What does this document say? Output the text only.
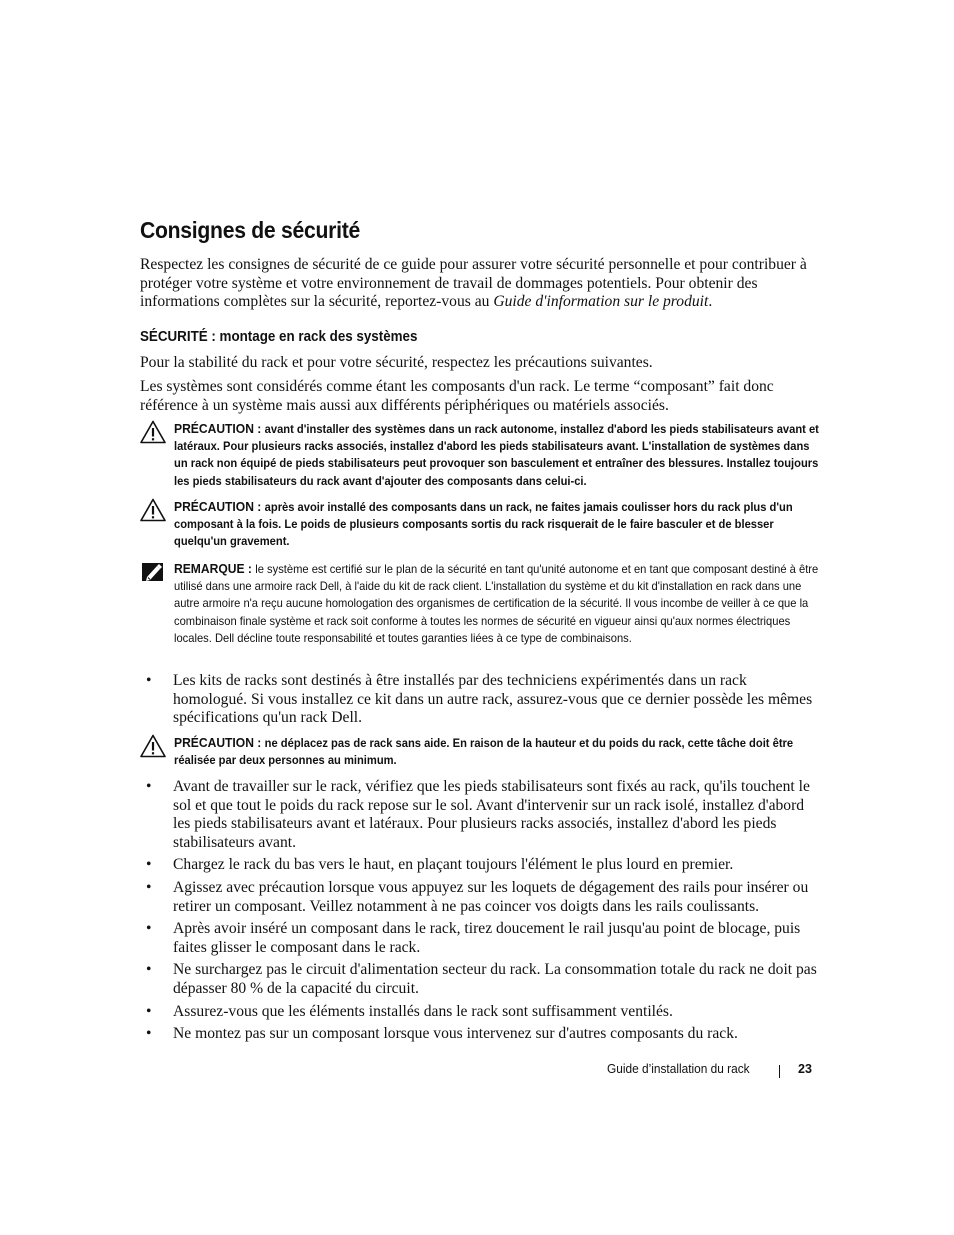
Consignes de sécurité

Respectez les consignes de sécurité de ce guide pour assurer votre sécurité personnelle et pour contribuer à protéger votre système et votre environnement de travail de dommages potentiels. Pour obtenir des informations complètes sur la sécurité, reportez-vous au Guide d'information sur le produit.

SÉCURITÉ : montage en rack des systèmes

Pour la stabilité du rack et pour votre sécurité, respectez les précautions suivantes.

Les systèmes sont considérés comme étant les composants d'un rack. Le terme “composant” fait donc référence à un système mais aussi aux différents périphériques ou matériels associés.

PRÉCAUTION : avant d'installer des systèmes dans un rack autonome, installez d'abord les pieds stabilisateurs avant et latéraux. Pour plusieurs racks associés, installez d'abord les pieds stabilisateurs avant. L'installation de systèmes dans un rack non équipé de pieds stabilisateurs peut provoquer son basculement et entraîner des blessures. Installez toujours les pieds stabilisateurs du rack avant d'ajouter des composants dans celui-ci.

PRÉCAUTION : après avoir installé des composants dans un rack, ne faites jamais coulisser hors du rack plus d'un composant à la fois. Le poids de plusieurs composants sortis du rack risquerait de le faire basculer et de blesser quelqu'un gravement.

REMARQUE : le système est certifié sur le plan de la sécurité en tant qu'unité autonome et en tant que composant destiné à être utilisé dans une armoire rack Dell, à l'aide du kit de rack client. L'installation du système et du kit d'installation en rack dans une autre armoire n'a reçu aucune homologation des organismes de certification de la sécurité. Il vous incombe de veiller à ce que la combinaison finale système et rack soit conforme à toutes les normes de sécurité en vigueur ainsi qu'aux normes électriques locales. Dell décline toute responsabilité et toutes garanties liées à ce type de combinaisons.

• Les kits de racks sont destinés à être installés par des techniciens expérimentés dans un rack homologué. Si vous installez ce kit dans un autre rack, assurez-vous que ce dernier possède les mêmes spécifications qu'un rack Dell.

PRÉCAUTION : ne déplacez pas de rack sans aide. En raison de la hauteur et du poids du rack, cette tâche doit être réalisée par deux personnes au minimum.

• Avant de travailler sur le rack, vérifiez que les pieds stabilisateurs sont fixés au rack, qu'ils touchent le sol et que tout le poids du rack repose sur le sol. Avant d'intervenir sur un rack isolé, installez d'abord les pieds stabilisateurs avant et latéraux. Pour plusieurs racks associés, installez d'abord les pieds stabilisateurs avant.
• Chargez le rack du bas vers le haut, en plaçant toujours l'élément le plus lourd en premier.
• Agissez avec précaution lorsque vous appuyez sur les loquets de dégagement des rails pour insérer ou retirer un composant. Veillez notamment à ne pas coincer vos doigts dans les rails coulissants.
• Après avoir inséré un composant dans le rack, tirez doucement le rail jusqu'au point de blocage, puis faites glisser le composant dans le rack.
• Ne surchargez pas le circuit d'alimentation secteur du rack. La consommation totale du rack ne doit pas dépasser 80 % de la capacité du circuit.
• Assurez-vous que les éléments installés dans le rack sont suffisamment ventilés.
• Ne montez pas sur un composant lorsque vous intervenez sur d'autres composants du rack.
Guide d’installation du rack	23
